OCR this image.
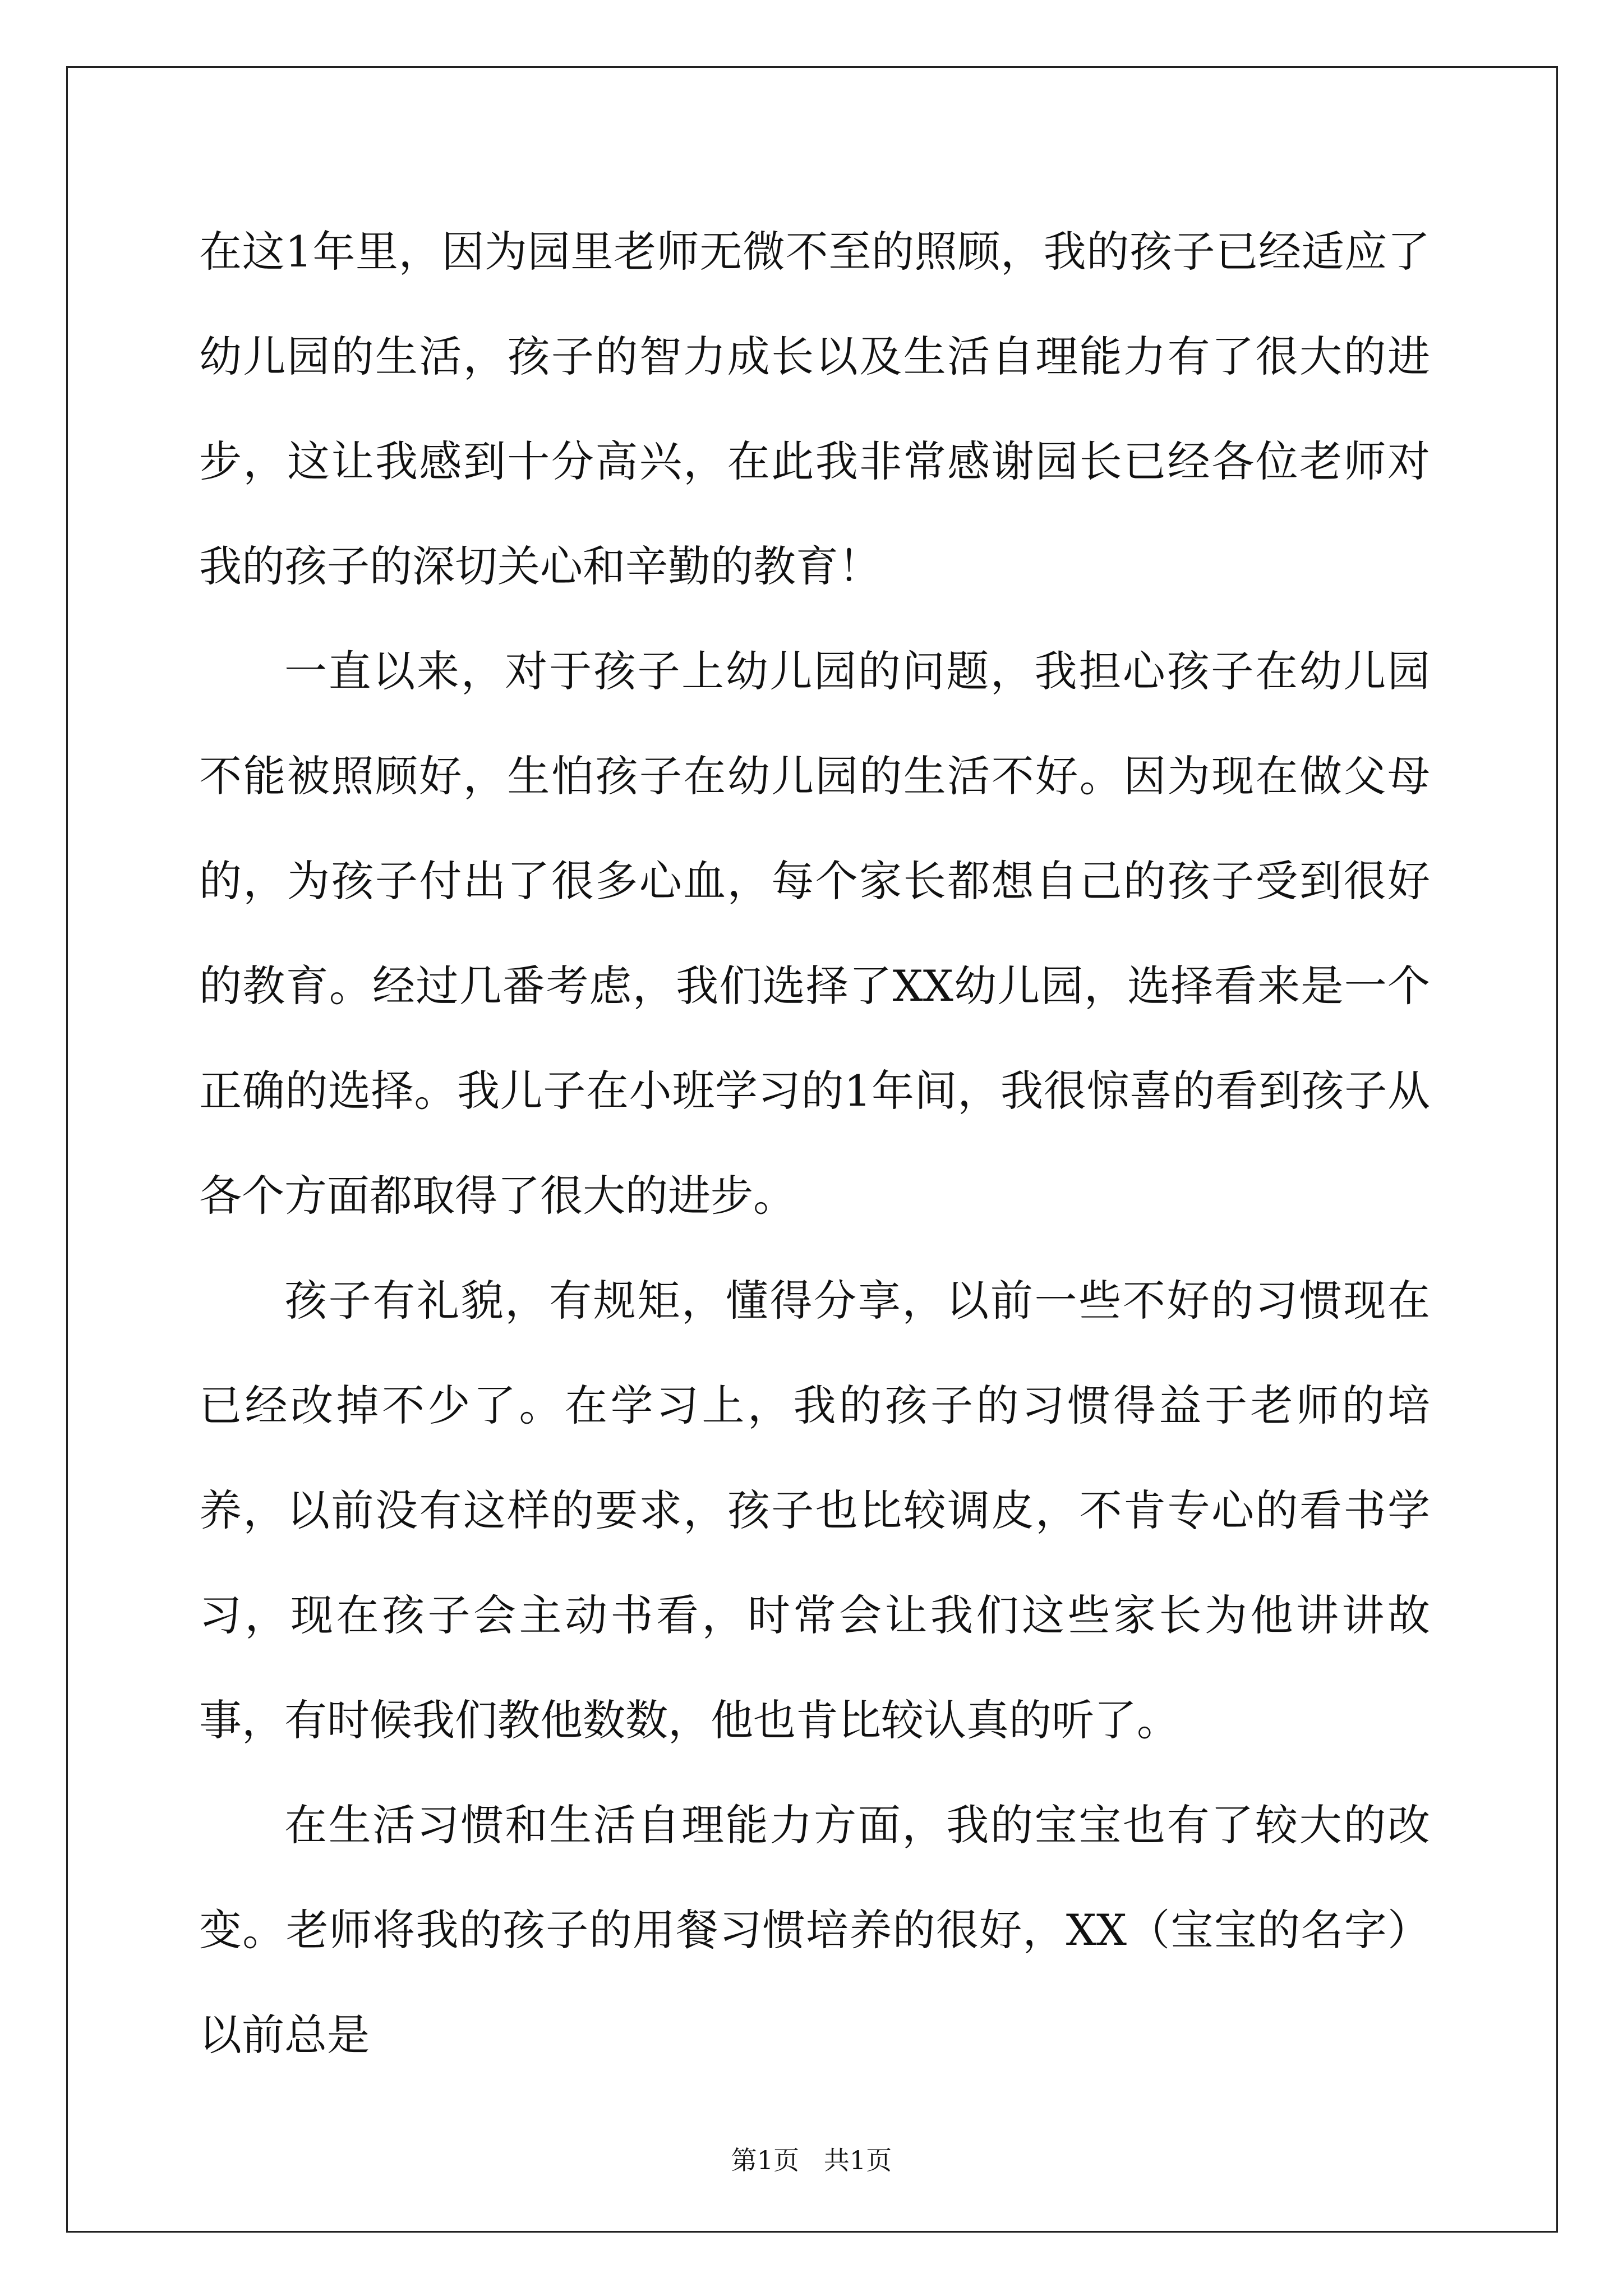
在这1年里，因为园里老师无微不至的照顾，我的孩子已经适应了幼儿园的生活，孩子的智力成长以及生活自理能力有了很大的进步，这让我感到十分高兴，在此我非常感谢园长已经各位老师对我的孩子的深切关心和辛勤的教育！

一直以来，对于孩子上幼儿园的问题，我担心孩子在幼儿园不能被照顾好，生怕孩子在幼儿园的生活不好。因为现在做父母的，为孩子付出了很多心血，每个家长都想自己的孩子受到很好的教育。经过几番考虑，我们选择了XX幼儿园，选择看来是一个正确的选择。我儿子在小班学习的1年间，我很惊喜的看到孩子从各个方面都取得了很大的进步。

孩子有礼貌，有规矩，懂得分享，以前一些不好的习惯现在已经改掉不少了。在学习上，我的孩子的习惯得益于老师的培养，以前没有这样的要求，孩子也比较调皮，不肯专心的看书学习，现在孩子会主动书看，时常会让我们这些家长为他讲讲故事，有时候我们教他数数，他也肯比较认真的听了。

在生活习惯和生活自理能力方面，我的宝宝也有了较大的改变。老师将我的孩子的用餐习惯培养的很好，XX（宝宝的名字）以前总是

第1页   共1页
